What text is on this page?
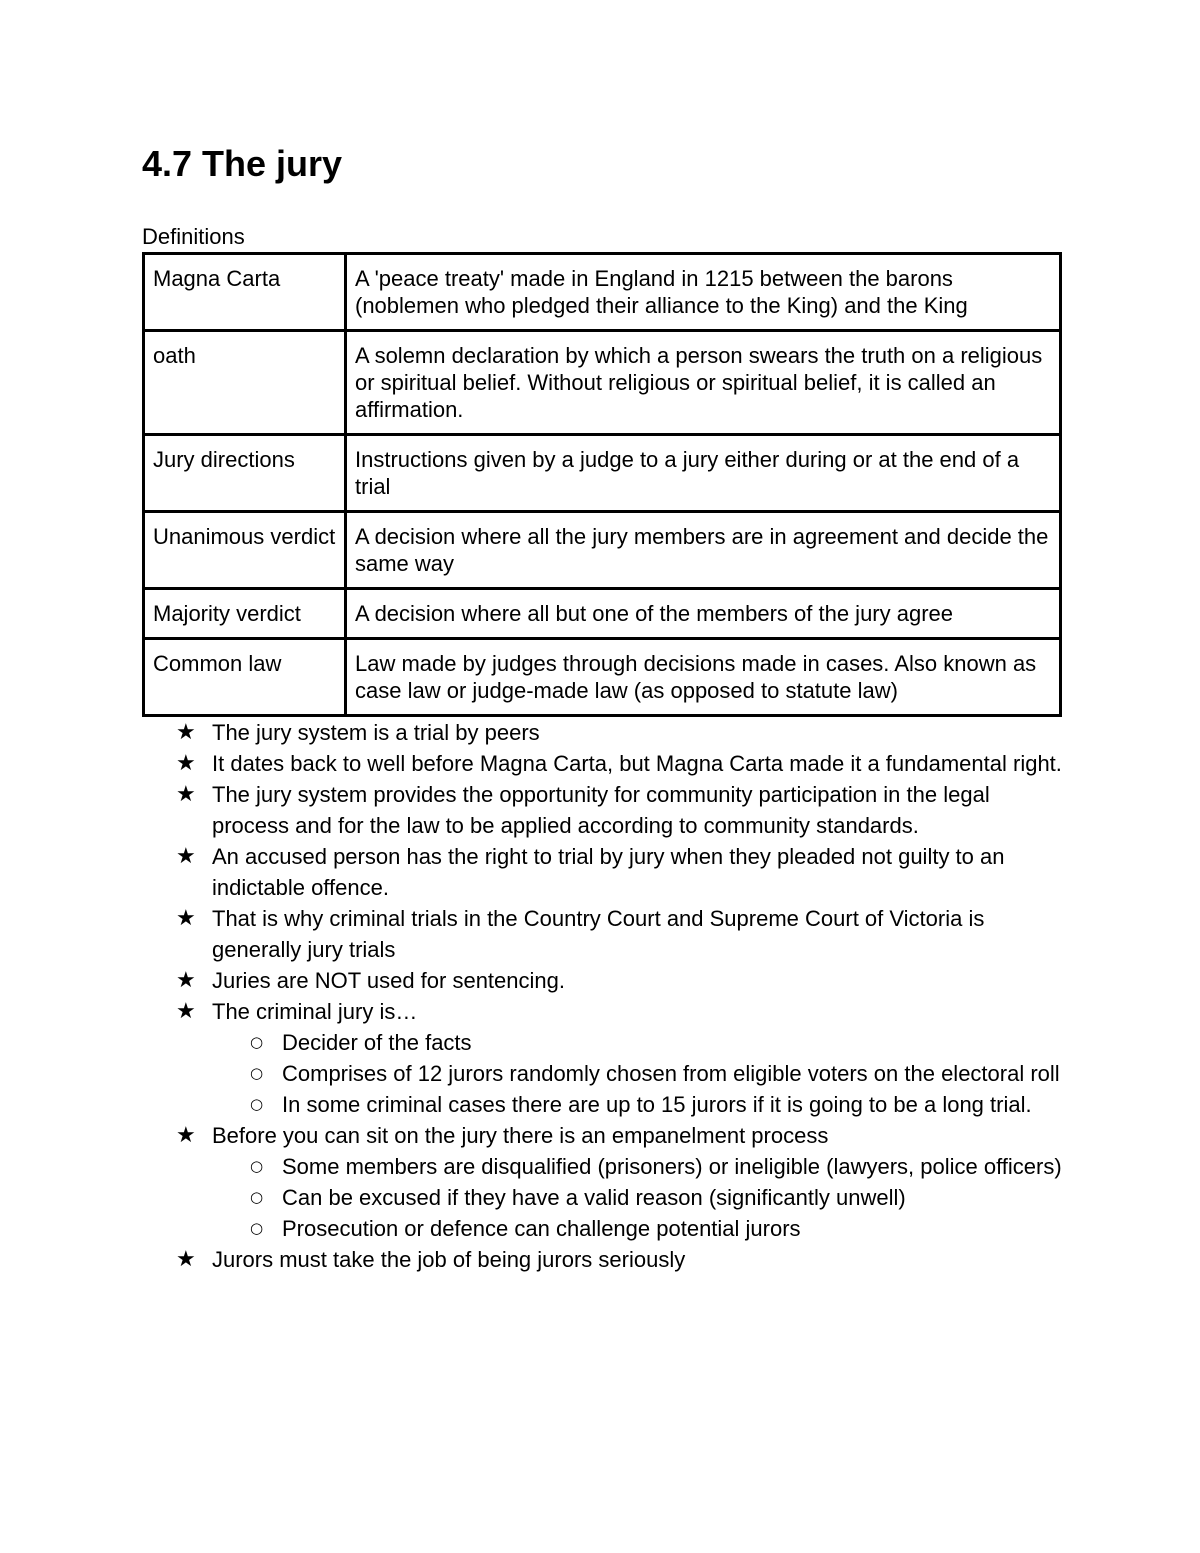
4.7 The jury
Definitions
Magna Carta	A 'peace treaty' made in England in 1215 between the barons (noblemen who pledged their alliance to the King) and the King
oath	A solemn declaration by which a person swears the truth on a religious or spiritual belief. Without religious or spiritual belief, it is called an affirmation.
Jury directions	Instructions given by a judge to a jury either during or at the end of a trial
Unanimous verdict	A decision where all the jury members are in agreement and decide the same way
Majority verdict	A decision where all but one of the members of the jury agree
Common law	Law made by judges through decisions made in cases. Also known as case law or judge-made law (as opposed to statute law)
★ The jury system is a trial by peers
★ It dates back to well before Magna Carta, but Magna Carta made it a fundamental right.
★ The jury system provides the opportunity for community participation in the legal process and for the law to be applied according to community standards.
★ An accused person has the right to trial by jury when they pleaded not guilty to an indictable offence.
★ That is why criminal trials in the Country Court and Supreme Court of Victoria is generally jury trials
★ Juries are NOT used for sentencing.
★ The criminal jury is…
○ Decider of the facts
○ Comprises of 12 jurors randomly chosen from eligible voters on the electoral roll
○ In some criminal cases there are up to 15 jurors if it is going to be a long trial.
★ Before you can sit on the jury there is an empanelment process
○ Some members are disqualified (prisoners) or ineligible (lawyers, police officers)
○ Can be excused if they have a valid reason (significantly unwell)
○ Prosecution or defence can challenge potential jurors
★ Jurors must take the job of being jurors seriously
